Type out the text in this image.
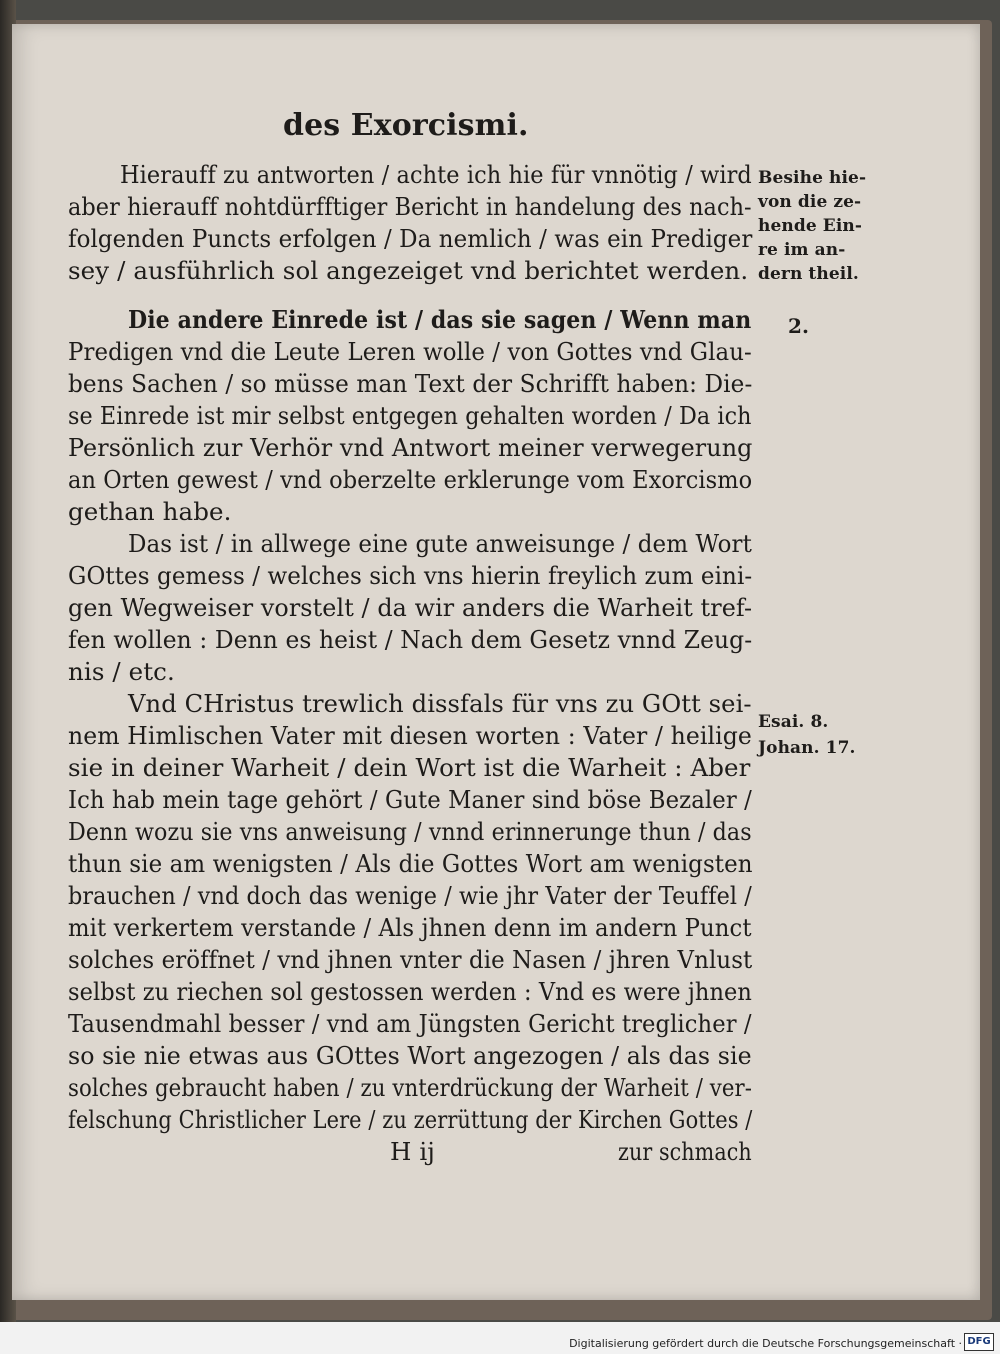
des Exorcismi.
Hierauff zu antworten / achte ich hie für vnnötig / wird
aber hierauff nohtdürfftiger Bericht in handelung des nach-
folgenden Puncts erfolgen / Da nemlich / was ein Prediger
sey / ausführlich sol angezeiget vnd berichtet werden.
Die andere Einrede ist / das sie sagen / Wenn man
Predigen vnd die Leute Leren wolle / von Gottes vnd Glau-
bens Sachen / so müsse man Text der Schrifft haben: Die-
se Einrede ist mir selbst entgegen gehalten worden / Da ich
Persönlich zur Verhör vnd Antwort meiner verwegerung
an Orten gewest / vnd oberzelte erklerunge vom Exorcismo
gethan habe.
Das ist / in allwege eine gute anweisunge / dem Wort
GOttes gemess / welches sich vns hierin freylich zum eini-
gen Wegweiser vorstelt / da wir anders die Warheit tref-
fen wollen : Denn es heist / Nach dem Gesetz vnnd Zeug-
nis / etc.
Vnd CHristus trewlich dissfals für vns zu GOtt sei-
nem Himlischen Vater mit diesen worten : Vater / heilige
sie in deiner Warheit / dein Wort ist die Warheit : Aber
Ich hab mein tage gehört / Gute Maner sind böse Bezaler /
Denn wozu sie vns anweisung / vnnd erinnerunge thun / das
thun sie am wenigsten / Als die Gottes Wort am wenigsten
brauchen / vnd doch das wenige / wie jhr Vater der Teuffel /
mit verkertem verstande / Als jhnen denn im andern Punct
solches eröffnet / vnd jhnen vnter die Nasen / jhren Vnlust
selbst zu riechen sol gestossen werden : Vnd es were jhnen
Tausendmahl besser / vnd am Jüngsten Gericht treglicher /
so sie nie etwas aus GOttes Wort angezogen / als das sie
solches gebraucht haben / zu vnterdrückung der Warheit / ver-
felschung Christlicher Lere / zu zerrüttung der Kirchen Gottes /
H ij	zur schmach
Besihe hie-
von die ze-
hende Ein-
re im an-
dern theil.
2.
Esai. 8.
Johan. 17.
Digitalisierung gefördert durch die Deutsche Forschungsgemeinschaft · DFG
